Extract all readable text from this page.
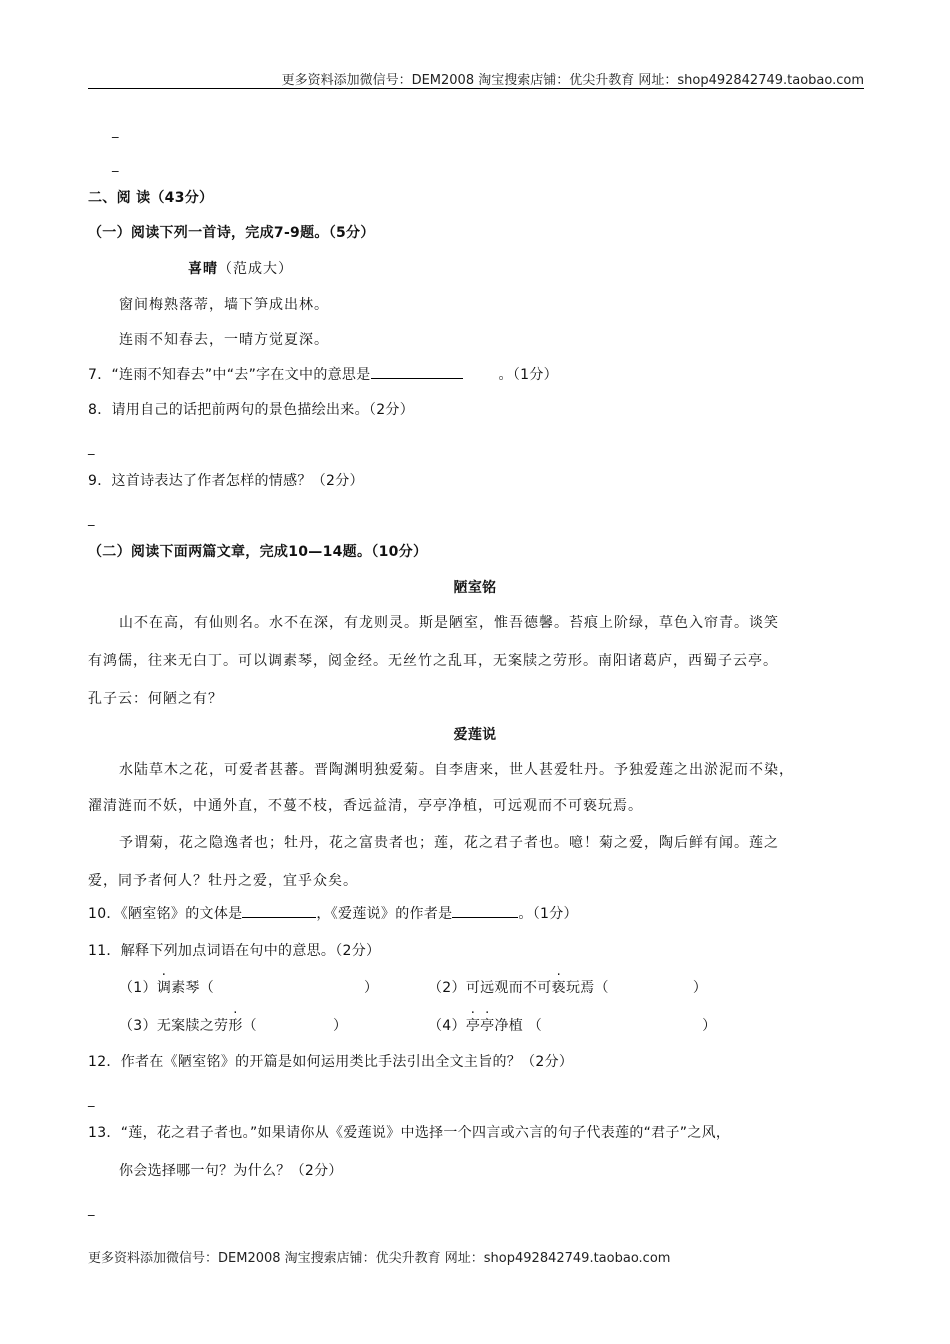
更多资料添加微信号：DEM2008 淘宝搜索店铺：优尖升教育 网址：shop492842749.taobao.com
_
_
二、阅 读（43分）
（一）阅读下列一首诗，完成7-9题。（5分）
喜晴（范成大）
窗间梅熟落蒂，墙下笋成出林。
连雨不知春去，一晴方觉夏深。
7．“连雨不知春去”中“去”字在文中的意思是	。（1分）
8．请用自己的话把前两句的景色描绘出来。（2分）
_
9．这首诗表达了作者怎样的情感？（2分）
_
（二）阅读下面两篇文章，完成10—14题。（10分）
陋室铭
山不在高，有仙则名。水不在深，有龙则灵。斯是陋室，惟吾德馨。苔痕上阶绿，草色入帘青。谈笑
有鸿儒，往来无白丁。可以调素琴，阅金经。无丝竹之乱耳，无案牍之劳形。南阳诸葛庐，西蜀子云亭。
孔子云：何陋之有？
爱莲说
水陆草木之花，可爱者甚蕃。晋陶渊明独爱菊。自李唐来，世人甚爱牡丹。予独爱莲之出淤泥而不染，
濯清涟而不妖，中通外直，不蔓不枝，香远益清，亭亭净植，可远观而不可亵玩焉。
予谓菊，花之隐逸者也；牡丹，花之富贵者也；莲，花之君子者也。噫！菊之爱，陶后鲜有闻。莲之
爱，同予者何人？牡丹之爱，宜乎众矣。
10．《陋室铭》的文体是	，《爱莲说》的作者是	。（1分）
11．解释下列加点词语在句中的意思。（2分）
（1）调素琴（	）	（2）可远观而不可亵玩焉（	）
（3）无案牍之劳形（	）	（4）亭亭净植 （	）
12．作者在《陋室铭》的开篇是如何运用类比手法引出全文主旨的？（2分）
_
13．“莲，花之君子者也。”如果请你从《爱莲说》中选择一个四言或六言的句子代表莲的“君子”之风，
你会选择哪一句？为什么？（2分）
_
更多资料添加微信号：DEM2008 淘宝搜索店铺：优尖升教育 网址：shop492842749.taobao.com
